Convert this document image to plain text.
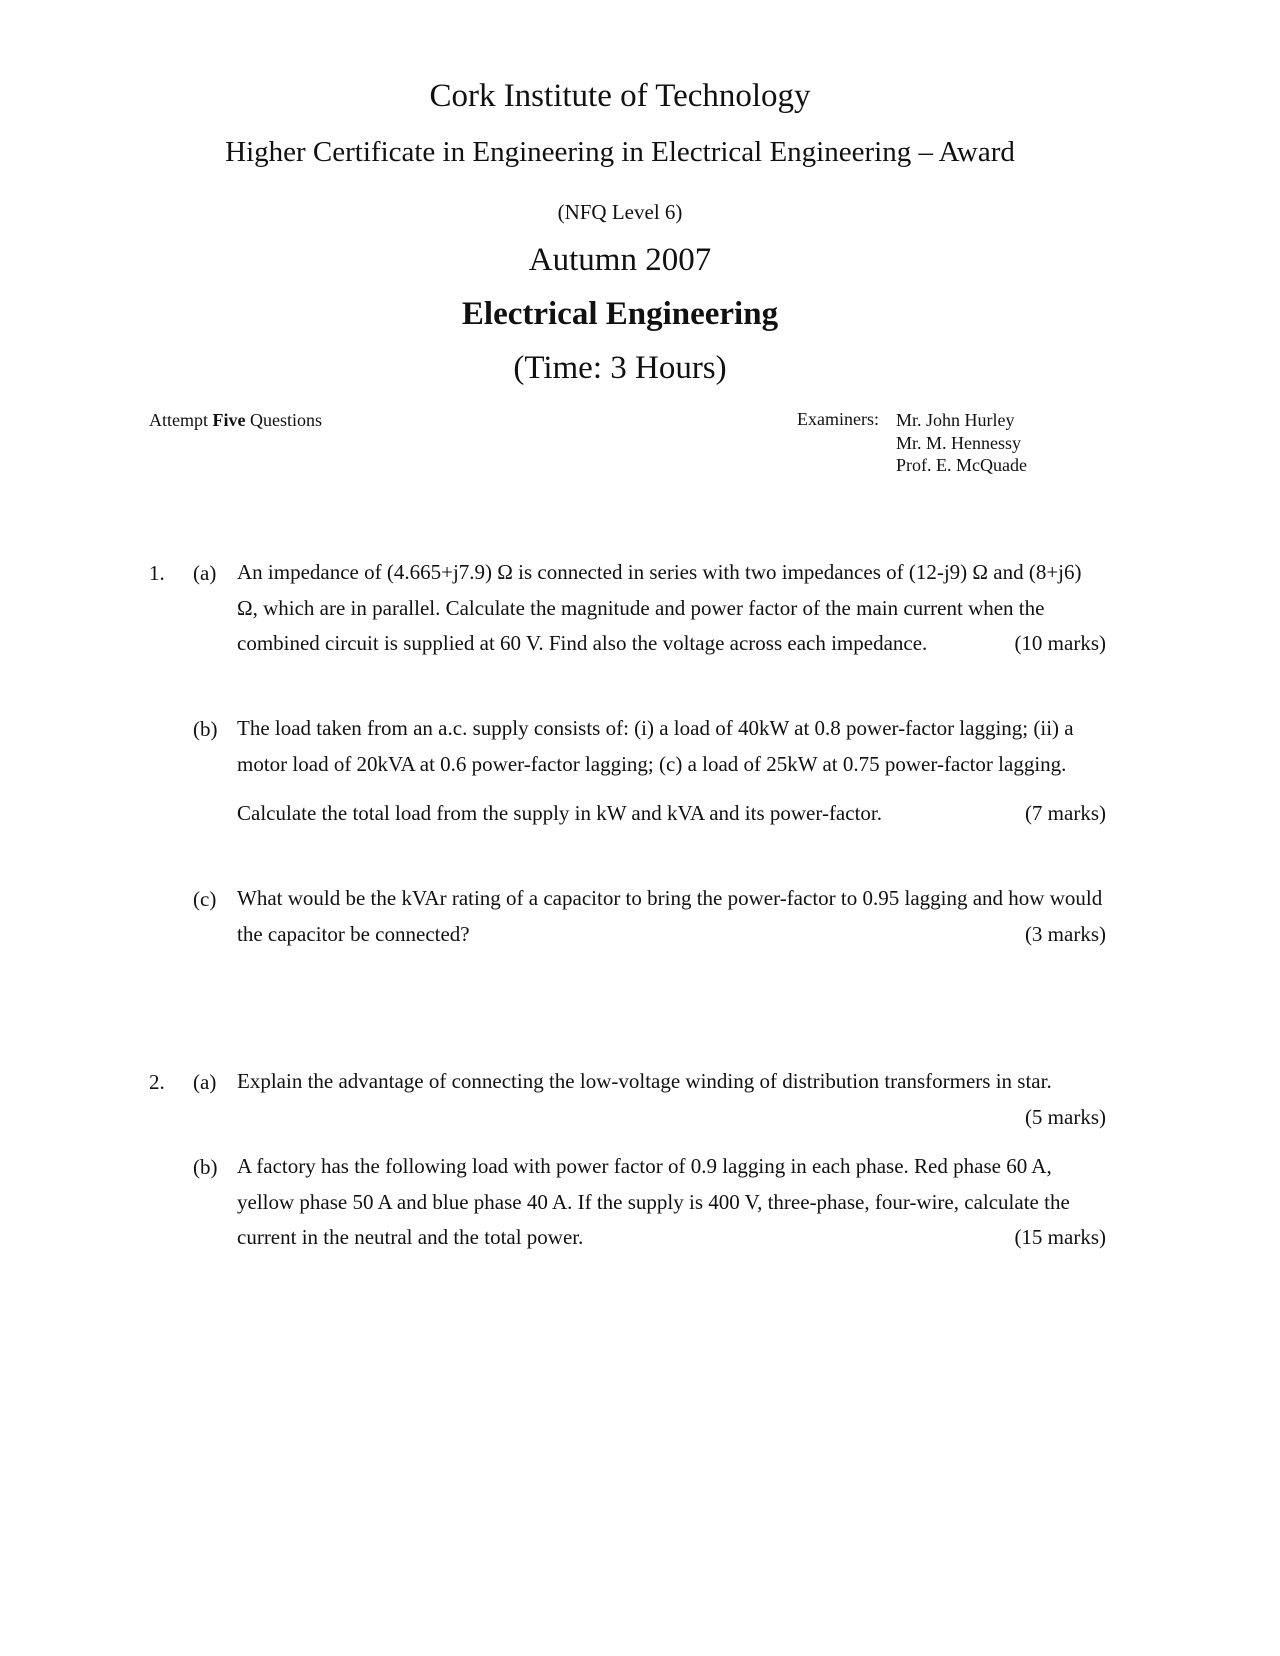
Cork Institute of Technology
Higher Certificate in Engineering in Electrical Engineering – Award
(NFQ Level 6)
Autumn 2007
Electrical Engineering
(Time: 3 Hours)
Attempt Five Questions	Examiners: Mr. John Hurley
Mr. M. Hennessy
Prof. E. McQuade
1. (a) An impedance of (4.665+j7.9) Ω is connected in series with two impedances of (12-j9) Ω and (8+j6) Ω, which are in parallel. Calculate the magnitude and power factor of the main current when the combined circuit is supplied at 60 V. Find also the voltage across each impedance.	(10 marks)

(b) The load taken from an a.c. supply consists of: (i) a load of 40kW at 0.8 power-factor lagging; (ii) a motor load of 20kVA at 0.6 power-factor lagging; (c) a load of 25kW at 0.75 power-factor lagging.

Calculate the total load from the supply in kW and kVA and its power-factor.	(7 marks)

(c) What would be the kVAr rating of a capacitor to bring the power-factor to 0.95 lagging and how would the capacitor be connected?	(3 marks)

2. (a) Explain the advantage of connecting the low-voltage winding of distribution transformers in star.
(5 marks)

(b) A factory has the following load with power factor of 0.9 lagging in each phase. Red phase 60 A, yellow phase 50 A and blue phase 40 A. If the supply is 400 V, three-phase, four-wire, calculate the current in the neutral and the total power.	(15 marks)
